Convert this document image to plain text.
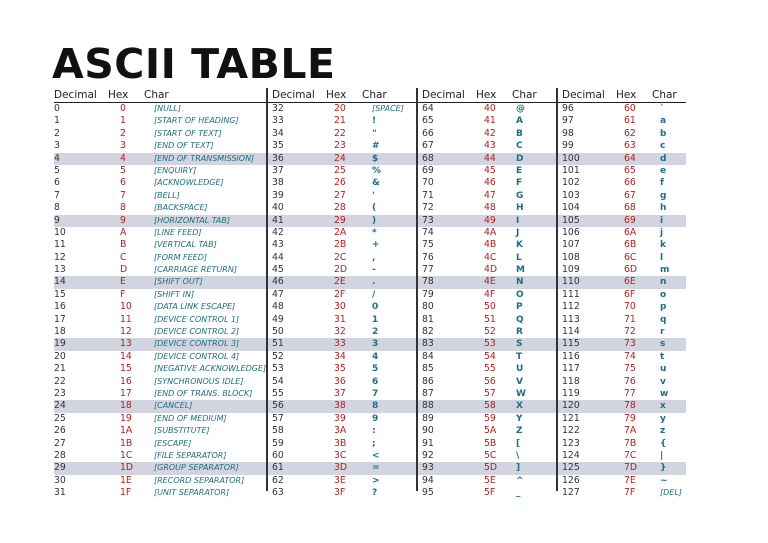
ASCII TABLE
Decimal Hex Char	Decimal Hex Char	Decimal Hex Char Decimal Hex Char
0	0	[NULL]	32	20	[SPACE] 64	40 @	96	60	`
1	1	[START OF HEADING]	33	21	!	65	41 A	97	61	a
2	2	[START OF TEXT]	34	22	"	66	42 B	98	62	b
3	3	[END OF TEXT]	35	23	#	67	43 C	99	63	c
4	4	[END OF TRANSMISSION] 36	24	$	68	44 D	100	64	d
5	5	[ENQUIRY]	37	25	%	69	45 E	101	65	e
6	6	[ACKNOWLEDGE]	38	26	&	70	46 F	102	66	f
7	7	[BELL]	39	27	'	71	47 G	103	67	g
8	8	[BACKSPACE]	40	28	(	72	48 H	104	68	h
9	9	[HORIZONTAL TAB]	41	29	)	73	49 I	105	69	i
10	A	[LINE FEED]	42	2A	*	74	4A J	106	6A	j
11	B	[VERTICAL TAB]	43	2B	+	75	4B K	107	6B	k
12	C	[FORM FEED]	44	2C	,	76	4C L	108	6C	l
13	D	[CARRIAGE RETURN]	45	2D	-	77	4D M	109	6D	m
14	E	[SHIFT OUT]	46	2E	.	78	4E N	110	6E	n
15	F	[SHIFT IN]	47	2F	/	79	4F O	111	6F	o
16	10	[DATA LINK ESCAPE]	48	30	0	80	50 P	112	70	p
17	11	[DEVICE CONTROL 1]	49	31	1	81	51 Q	113	71	q
18	12	[DEVICE CONTROL 2]	50	32	2	82	52 R	114	72	r
19	13	[DEVICE CONTROL 3]	51	33	3	83	53 S	115	73	s
20	14	[DEVICE CONTROL 4]	52	34	4	84	54 T	116	74	t
21	15	[NEGATIVE ACKNOWLEDGE] 53	35	5	85	55 U	117	75	u
22	16	[SYNCHRONOUS IDLE]	54	36	6	86	56 V	118	76	v
23	17	[END OF TRANS. BLOCK] 55	37	7	87	57 W	119	77	w
24	18	[CANCEL]	56	38	8	88	58 X	120	78	x
25	19	[END OF MEDIUM]	57	39	9	89	59 Y	121	79	y
26	1A	[SUBSTITUTE]	58	3A	:	90	5A Z	122	7A	z
27	1B	[ESCAPE]	59	3B	;	91	5B [	123	7B	{
28	1C	[FILE SEPARATOR]	60	3C	<	92	5C \	124	7C	|
29	1D	[GROUP SEPARATOR]	61	3D	=	93	5D ]	125	7D	}
30	1E	[RECORD SEPARATOR]	62	3E	>	94	5E ^	126	7E	~
31	1F	[UNIT SEPARATOR]	63	3F	?	95	5F _	127	7F	[DEL]
